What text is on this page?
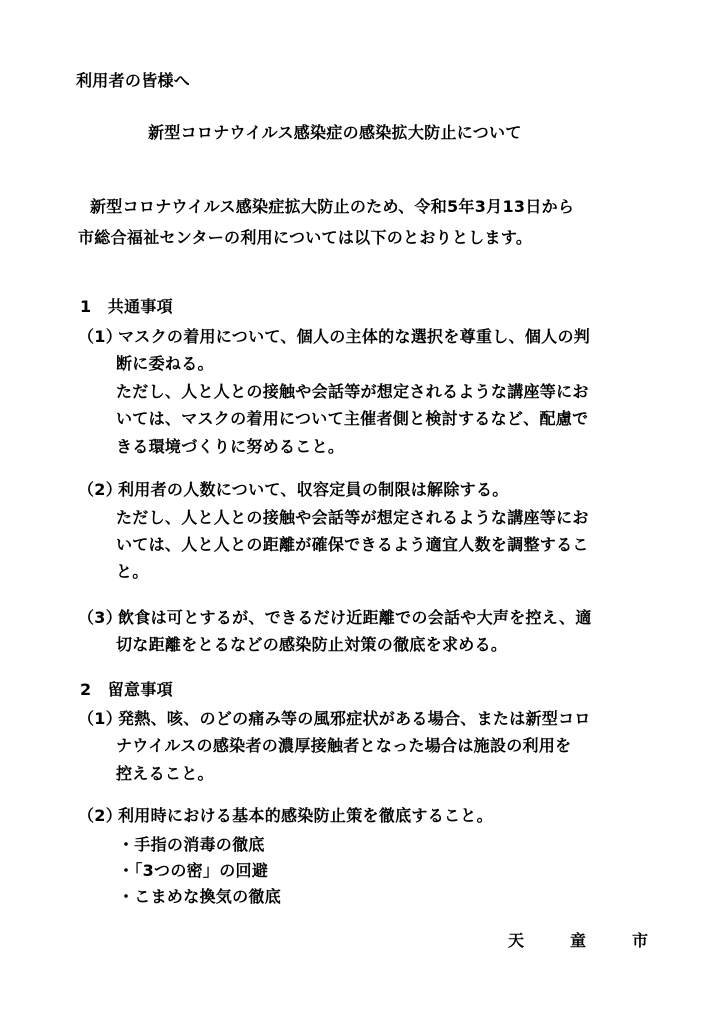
利用者の皆様へ
新型コロナウイルス感染症の感染拡大防止について
新型コロナウイルス感染症拡大防止のため、令和5年3月13日から
市総合福祉センターの利用については以下のとおりとします。
1　共通事項
（1）
マスクの着用について、個人の主体的な選択を尊重し、個人の判
断に委ねる。
ただし、人と人との接触や会話等が想定されるような講座等にお
いては、マスクの着用について主催者側と検討するなど、配慮で
きる環境づくりに努めること。
（2）
利用者の人数について、収容定員の制限は解除する。
ただし、人と人との接触や会話等が想定されるような講座等にお
いては、人と人との距離が確保できるよう適宜人数を調整するこ
と。
（3）
飲食は可とするが、できるだけ近距離での会話や大声を控え、適
切な距離をとるなどの感染防止対策の徹底を求める。
2　留意事項
（1）
発熱、咳、のどの痛み等の風邪症状がある場合、または新型コロ
ナウイルスの感染者の濃厚接触者となった場合は施設の利用を
控えること。
（2）
利用時における基本的感染防止策を徹底すること。
・手指の消毒の徹底
・「3つの密」の回避
・こまめな換気の徹底
天	童	市
